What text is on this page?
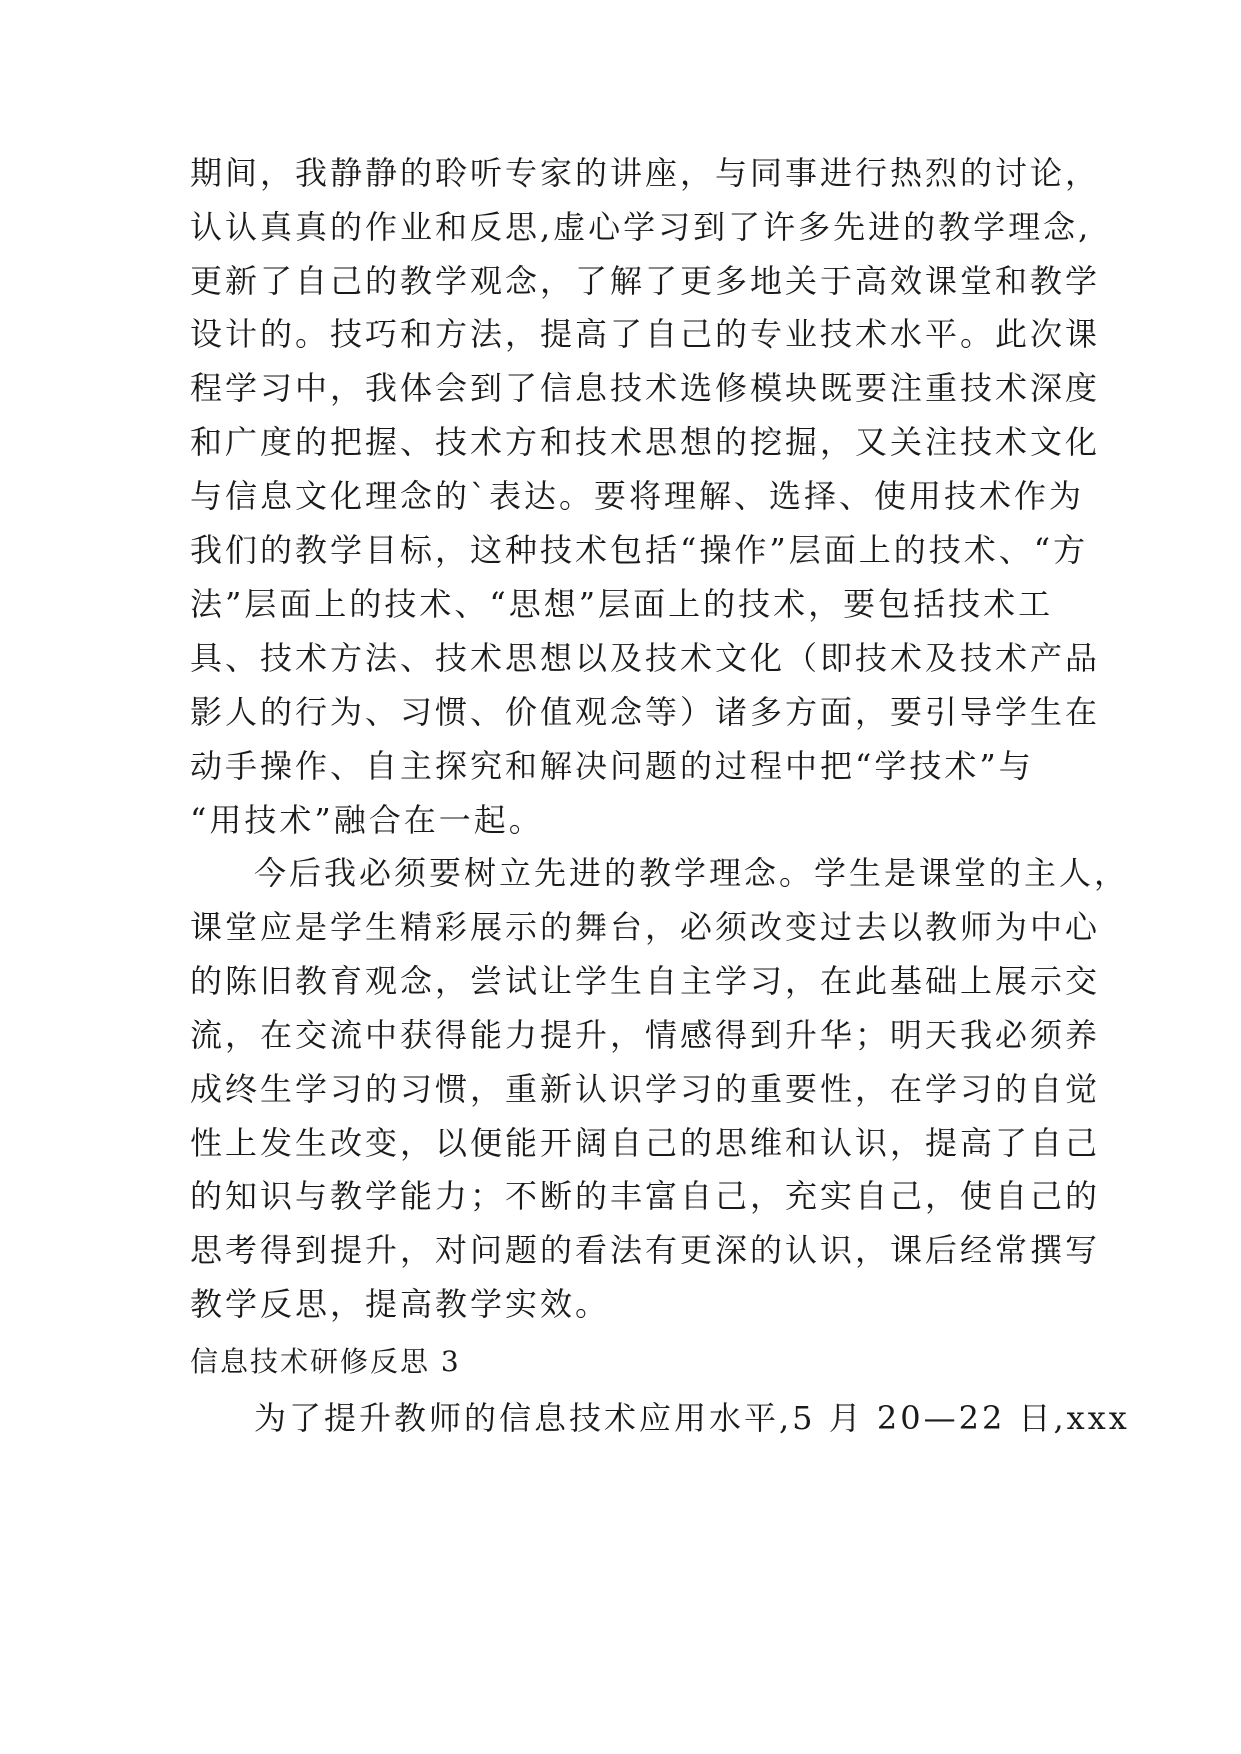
期间，我静静的聆听专家的讲座，与同事进行热烈的讨论，
认认真真的作业和反思,虚心学习到了许多先进的教学理念,
更新了自己的教学观念，了解了更多地关于高效课堂和教学
设计的。技巧和方法，提高了自己的专业技术水平。此次课
程学习中，我体会到了信息技术选修模块既要注重技术深度
和广度的把握、技术方和技术思想的挖掘，又关注技术文化
与信息文化理念的`表达。要将理解、选择、使用技术作为
我们的教学目标，这种技术包括“操作”层面上的技术、“方
法”层面上的技术、“思想”层面上的技术，要包括技术工
具、技术方法、技术思想以及技术文化（即技术及技术产品
影人的行为、习惯、价值观念等）诸多方面，要引导学生在
动手操作、自主探究和解决问题的过程中把“学技术”与
“用技术”融合在一起。
今后我必须要树立先进的教学理念。学生是课堂的主人，
课堂应是学生精彩展示的舞台，必须改变过去以教师为中心
的陈旧教育观念，尝试让学生自主学习，在此基础上展示交
流，在交流中获得能力提升，情感得到升华；明天我必须养
成终生学习的习惯，重新认识学习的重要性，在学习的自觉
性上发生改变，以便能开阔自己的思维和认识，提高了自己
的知识与教学能力；不断的丰富自己，充实自己，使自己的
思考得到提升，对问题的看法有更深的认识，课后经常撰写
教学反思，提高教学实效。
信息技术研修反思 3
为了提升教师的信息技术应用水平,5 月 20—22 日,xxx
